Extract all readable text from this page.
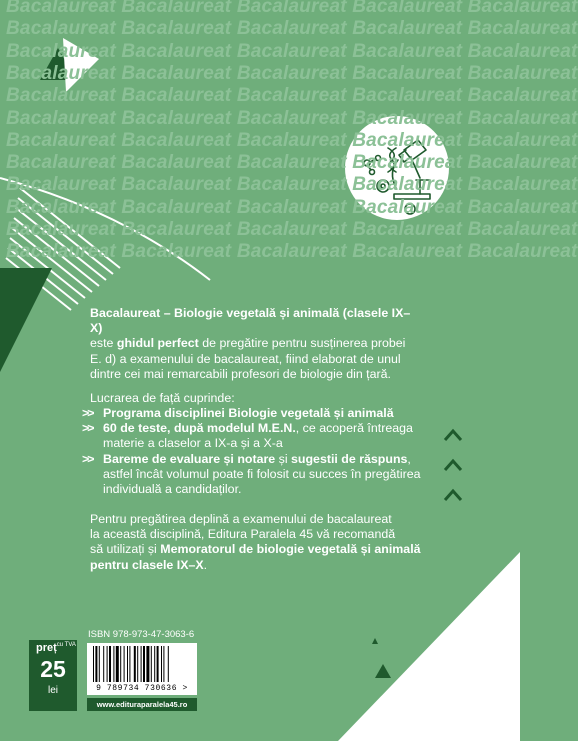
Bacalaureat Bacalaureat Bacalaureat Bacalaureat Bacalaureat
Bacalaureat Bacalaureat Bacalaureat Bacalaureat Bacalaureat
Bacalaureat Bacalaureat Bacalaureat Bacalaureat Bacalaureat
Bacalaureat Bacalaureat Bacalaureat Bacalaureat Bacalaureat
Bacalaureat Bacalaureat Bacalaureat Bacalaureat Bacalaureat
Bacalaureat Bacalaureat Bacalaureat Bacalaureat Bacalaureat
Bacalaureat Bacalaureat Bacalaureat Bacalaureat Bacalaureat
Bacalaureat Bacalaureat Bacalaureat Bacalaureat Bacalaureat
Bacalaureat Bacalaureat Bacalaureat Bacalaureat Bacalaureat
Bacalaureat Bacalaureat Bacalaureat Bacalaureat Bacalaureat
Bacalaureat Bacalaureat Bacalaureat Bacalaureat Bacalaureat
Bacalaureat Bacalaureat Bacalaureat Bacalaureat Bacalaureat

Bacalaureat – Biologie vegetală și animală (clasele IX–X)

este ghidul perfect de pregătire pentru susținerea probei

E. d) a examenului de bacalaureat, fiind elaborat de unul

dintre cei mai remarcabili profesori de biologie din țară.

Lucrarea de față cuprinde:

>> Programa disciplinei Biologie vegetală și animală
>> 60 de teste, după modelul M.E.N., ce acoperă întreaga
materie a claselor a IX-a și a X-a
>> Bareme de evaluare și notare și sugestii de răspuns,
astfel încât volumul poate fi folosit cu succes în pregătirea
individuală a candidaților.

Pentru pregătirea deplină a examenului de bacalaureat

la această disciplină, Editura Paralela 45 vă recomandă

să utilizați și Memoratorul de biologie vegetală și animală

pentru clasele IX–X.

ISBN 978-973-47-3063-6
9 789734 730636 >
www.edituraparalela45.ro
preț$^{cu TVA}$
25
lei
